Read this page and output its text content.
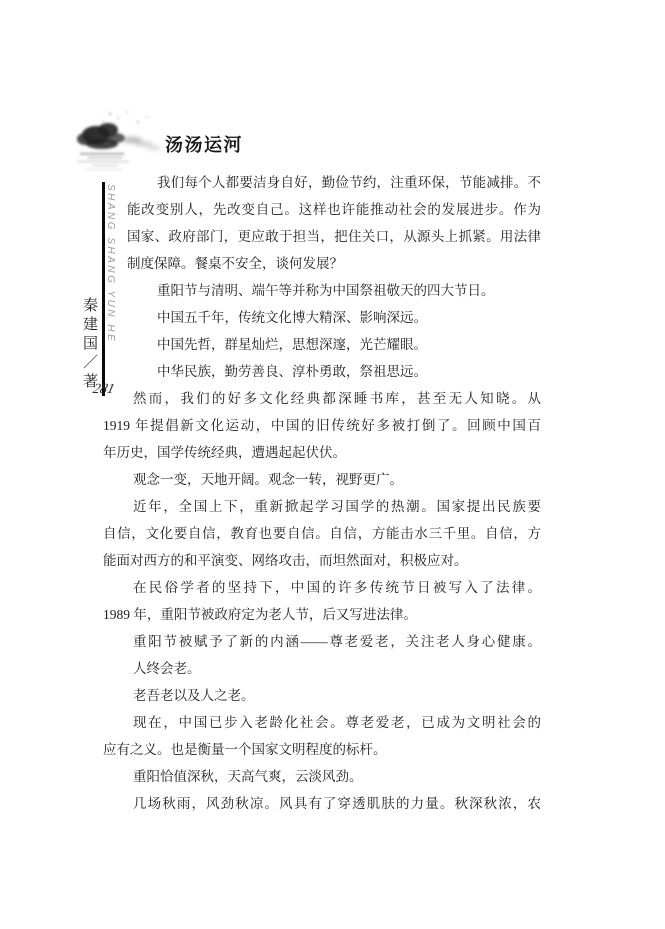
汤汤运河
SHANG SHANG YUN HE
秦建国／著
281
我们每个人都要洁身自好，勤俭节约，注重环保，节能减排。不
能改变别人，先改变自己。这样也许能推动社会的发展进步。作为
国家、政府部门，更应敢于担当，把住关口，从源头上抓紧。用法律
制度保障。餐桌不安全，谈何发展？
重阳节与清明、端午等并称为中国祭祖敬天的四大节日。
中国五千年，传统文化博大精深、影响深远。
中国先哲，群星灿烂，思想深邃，光芒耀眼。
中华民族，勤劳善良、淳朴勇敢，祭祖思远。
然而，我们的好多文化经典都深睡书库，甚至无人知晓。从
1919 年提倡新文化运动，中国的旧传统好多被打倒了。回顾中国百
年历史，国学传统经典，遭遇起起伏伏。
观念一变，天地开阔。观念一转，视野更广。
近年，全国上下，重新掀起学习国学的热潮。国家提出民族要
自信，文化要自信，教育也要自信。自信，方能击水三千里。自信，方
能面对西方的和平演变、网络攻击，而坦然面对，积极应对。
在民俗学者的坚持下，中国的许多传统节日被写入了法律。
1989 年，重阳节被政府定为老人节，后又写进法律。
重阳节被赋予了新的内涵——尊老爱老，关注老人身心健康。
人终会老。
老吾老以及人之老。
现在，中国已步入老龄化社会。尊老爱老，已成为文明社会的
应有之义。也是衡量一个国家文明程度的标杆。
重阳恰值深秋，天高气爽，云淡风劲。
几场秋雨，风劲秋凉。风具有了穿透肌肤的力量。秋深秋浓，农
